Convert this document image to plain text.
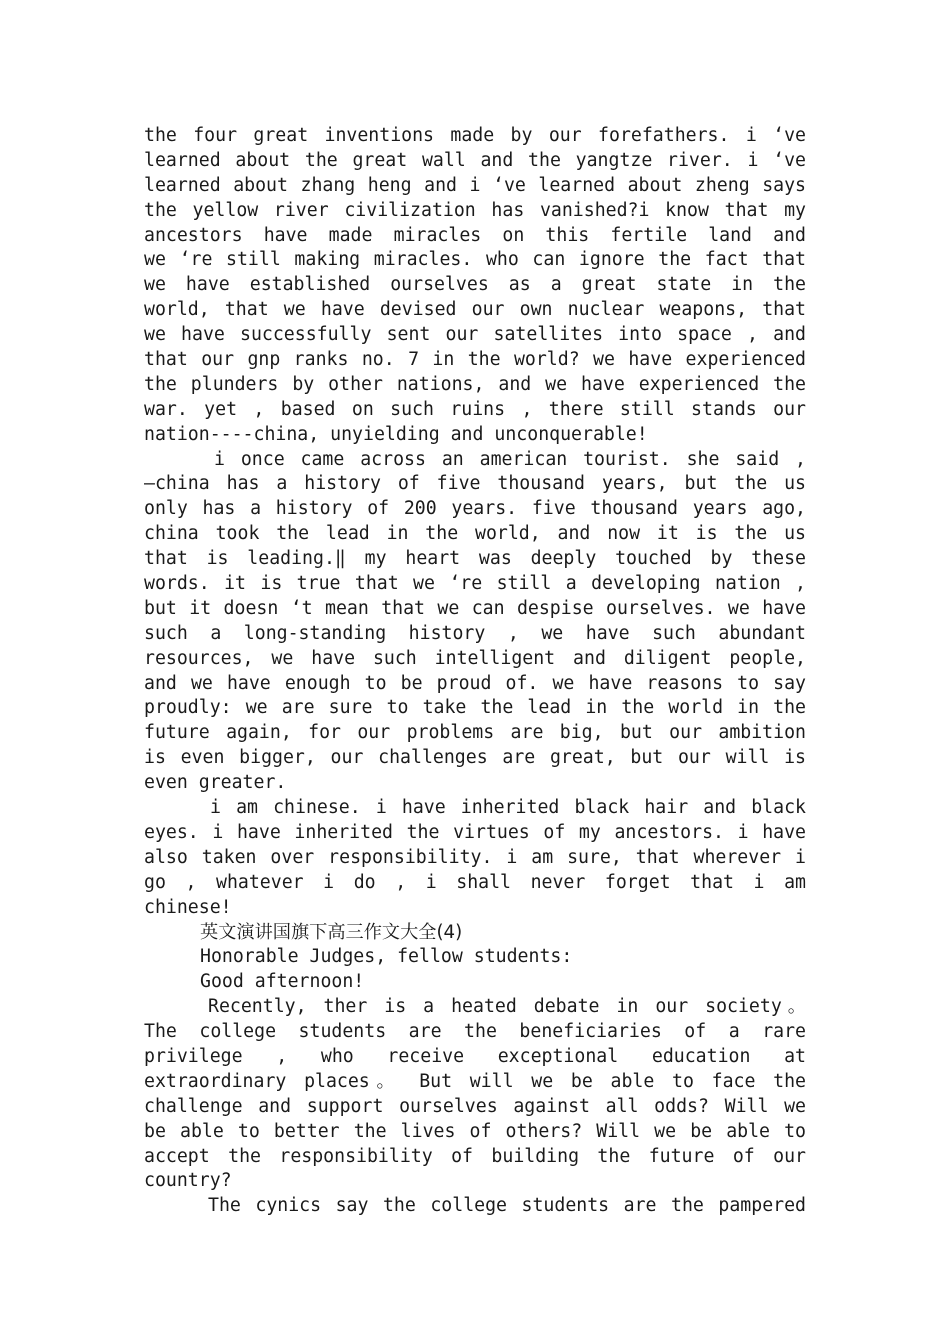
the four great inventions made by our forefathers. i ‘ve
learned about the great wall and the yangtze river. i ‘ve
learned about zhang heng and i ‘ve learned about zheng says
the yellow river civilization has vanished?i know that my
ancestors have made miracles on this fertile land and
we ‘re still making miracles. who can ignore the fact that
we have established ourselves as a great state in the
world, that we have devised our own nuclear weapons, that
we have successfully sent our satellites into space , and
that our gnp ranks no. 7 in the world? we have experienced
the plunders by other nations, and we have experienced the
war. yet , based on such ruins , there still stands our
nation----china, unyielding and unconquerable!
i once came across an american tourist. she said ,
―china has a history of five thousand years, but the us
only has a history of 200 years. five thousand years ago,
china took the lead in the world, and now it is the us
that is leading.‖ my heart was deeply touched by these
words. it is true that we ‘re still a developing nation ,
but it doesn ‘t mean that we can despise ourselves. we have
such a long-standing history , we have such abundant
resources, we have such intelligent and diligent people,
and we have enough to be proud of. we have reasons to say
proudly: we are sure to take the lead in the world in the
future again, for our problems are big, but our ambition
is even bigger, our challenges are great, but our will is
even greater.
i am chinese. i have inherited black hair and black
eyes. i have inherited the virtues of my ancestors. i have
also taken over responsibility. i am sure, that wherever i
go , whatever i do , i shall never forget that i am
chinese!
英文演讲国旗下高三作文大全(4)
Honorable Judges, fellow students:
Good afternoon!
Recently, ther is a heated debate in our society。
The college students are the beneficiaries of a rare
privilege , who receive exceptional education at
extraordinary places。 But will we be able to face the
challenge and support ourselves against all odds? Will we
be able to better the lives of others? Will we be able to
accept the responsibility of building the future of our
country?
The cynics say the college students are the pampered
